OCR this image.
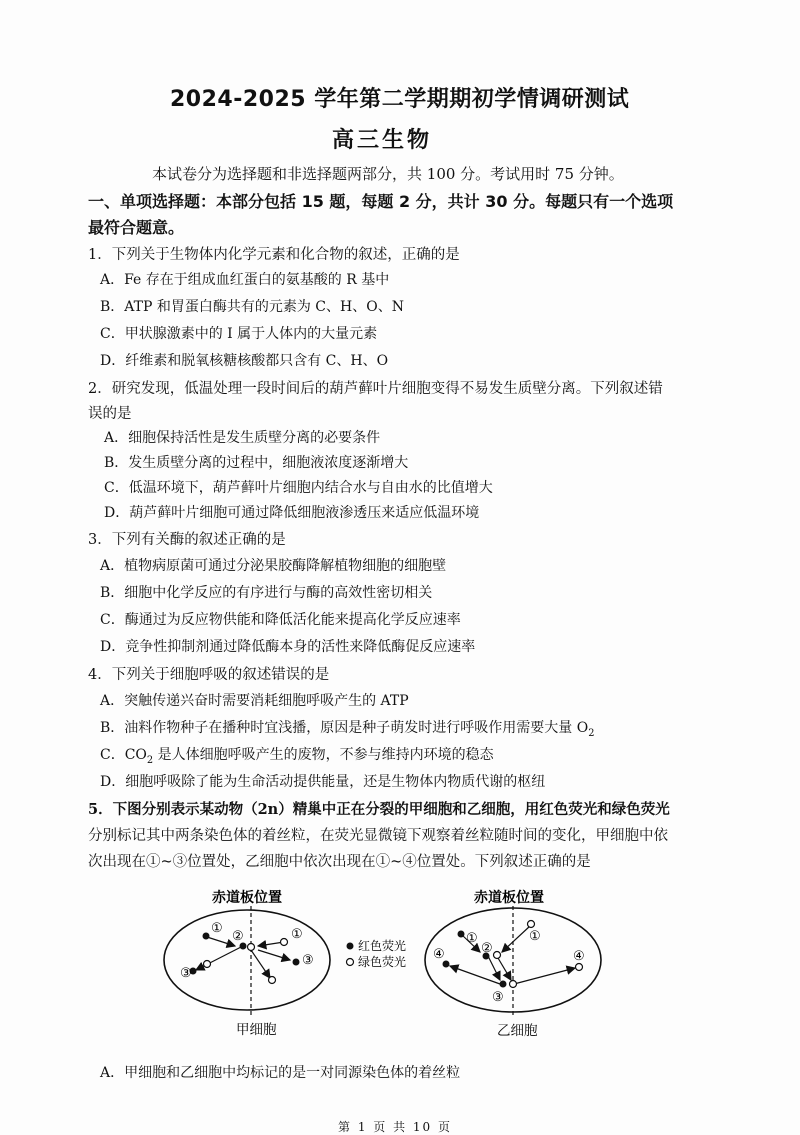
2024-2025 学年第二学期期初学情调研测试
高三生物
本试卷分为选择题和非选择题两部分，共 100 分。考试用时 75 分钟。
一、单项选择题：本部分包括 15 题，每题 2 分，共计 30 分。每题只有一个选项
最符合题意。
1．下列关于生物体内化学元素和化合物的叙述，正确的是
A．Fe 存在于组成血红蛋白的氨基酸的 R 基中
B．ATP 和胃蛋白酶共有的元素为 C、H、O、N
C．甲状腺激素中的 I 属于人体内的大量元素
D．纤维素和脱氧核糖核酸都只含有 C、H、O
2．研究发现，低温处理一段时间后的葫芦藓叶片细胞变得不易发生质壁分离。下列叙述错
误的是
A．细胞保持活性是发生质壁分离的必要条件
B．发生质壁分离的过程中，细胞液浓度逐渐增大
C．低温环境下，葫芦藓叶片细胞内结合水与自由水的比值增大
D．葫芦藓叶片细胞可通过降低细胞液渗透压来适应低温环境
3．下列有关酶的叙述正确的是
A．植物病原菌可通过分泌果胶酶降解植物细胞的细胞壁
B．细胞中化学反应的有序进行与酶的高效性密切相关
C．酶通过为反应物供能和降低活化能来提高化学反应速率
D．竞争性抑制剂通过降低酶本身的活性来降低酶促反应速率
4．下列关于细胞呼吸的叙述错误的是
A．突触传递兴奋时需要消耗细胞呼吸产生的 ATP
B．油料作物种子在播种时宜浅播，原因是种子萌发时进行呼吸作用需要大量 $O_2$
C．$CO_2$ 是人体细胞呼吸产生的废物，不参与维持内环境的稳态
D．细胞呼吸除了能为生命活动提供能量，还是生物体内物质代谢的枢纽
5．下图分别表示某动物（2n）精巢中正在分裂的甲细胞和乙细胞，用红色荧光和绿色荧光
分别标记其中两条染色体的着丝粒，在荧光显微镜下观察着丝粒随时间的变化，甲细胞中依
次出现在①~③位置处，乙细胞中依次出现在①~④位置处。下列叙述正确的是
赤道板位置
①
②
③
①
③
甲细胞
红色荧光
绿色荧光
赤道板位置
①	①
②
③
④	④
乙细胞
A．甲细胞和乙细胞中均标记的是一对同源染色体的着丝粒
第 1 页 共 10 页
